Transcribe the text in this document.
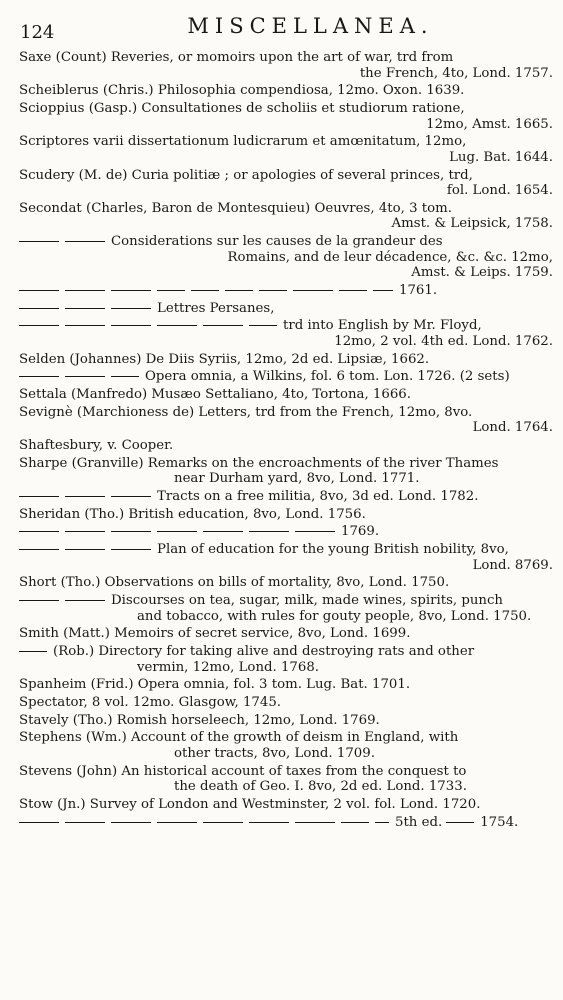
124	MISCELLANEA.
Saxe (Count) Reveries, or momoirs upon the art of war, trd from
the French, 4to, Lond. 1757.
Scheiblerus (Chris.) Philosophia compendiosa, 12mo. Oxon. 1639.
Scioppius (Gasp.) Consultationes de scholiis et studiorum ratione,
12mo, Amst. 1665.
Scriptores varii dissertationum ludicrarum et amœnitatum, 12mo,
Lug. Bat. 1644.
Scudery (M. de) Curia politiæ ; or apologies of several princes, trd,
fol. Lond. 1654.
Secondat (Charles, Baron de Montesquieu) Oeuvres, 4to, 3 tom.
Amst. & Leipsick, 1758.
Considerations sur les causes de la grandeur des
Romains, and de leur décadence, &c. &c. 12mo,
Amst. & Leips. 1759.
1761.
Lettres Persanes,
trd into English by Mr. Floyd,
12mo, 2 vol. 4th ed. Lond. 1762.
Selden (Johannes) De Diis Syriis, 12mo, 2d ed. Lipsiæ, 1662.
Opera omnia, a Wilkins, fol. 6 tom. Lon. 1726. (2 sets)
Settala (Manfredo) Musæo Settaliano, 4to, Tortona, 1666.
Sevignè (Marchioness de) Letters, trd from the French, 12mo, 8vo.
Lond. 1764.
Shaftesbury, v. Cooper.
Sharpe (Granville) Remarks on the encroachments of the river Thames
near Durham yard, 8vo, Lond. 1771.
Tracts on a free militia, 8vo, 3d ed. Lond. 1782.
Sheridan (Tho.) British education, 8vo, Lond. 1756.
1769.
Plan of education for the young British nobility, 8vo,
Lond. 8769.
Short (Tho.) Observations on bills of mortality, 8vo, Lond. 1750.
Discourses on tea, sugar, milk, made wines, spirits, punch
and tobacco, with rules for gouty people, 8vo, Lond. 1750.
Smith (Matt.) Memoirs of secret service, 8vo, Lond. 1699.
(Rob.) Directory for taking alive and destroying rats and other
vermin, 12mo, Lond. 1768.
Spanheim (Frid.) Opera omnia, fol. 3 tom. Lug. Bat. 1701.
Spectator, 8 vol. 12mo. Glasgow, 1745.
Stavely (Tho.) Romish horseleech, 12mo, Lond. 1769.
Stephens (Wm.) Account of the growth of deism in England, with
other tracts, 8vo, Lond. 1709.
Stevens (John) An historical account of taxes from the conquest to
the death of Geo. I. 8vo, 2d ed. Lond. 1733.
Stow (Jn.) Survey of London and Westminster, 2 vol. fol. Lond. 1720.
5th ed.	1754.
